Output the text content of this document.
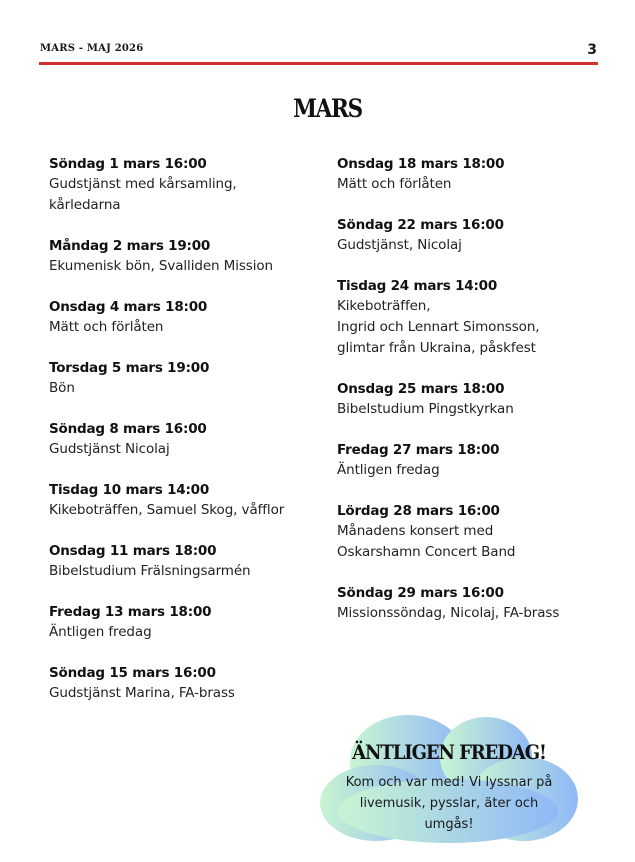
MARS - MAJ 2026	3
MARS
Söndag 1 mars 16:00
Gudstjänst med kårsamling,
kårledarna
Måndag 2 mars 19:00
Ekumenisk bön, Svalliden Mission
Onsdag 4 mars 18:00
Mätt och förlåten
Torsdag 5 mars 19:00
Bön
Söndag 8 mars 16:00
Gudstjänst Nicolaj
Tisdag 10 mars 14:00
Kikeboträffen, Samuel Skog, våfflor
Onsdag 11 mars 18:00
Bibelstudium Frälsningsarmén
Fredag 13 mars 18:00
Äntligen fredag
Söndag 15 mars 16:00
Gudstjänst Marina, FA-brass
Onsdag 18 mars 18:00
Mätt och förlåten
Söndag 22 mars 16:00
Gudstjänst, Nicolaj
Tisdag 24 mars 14:00
Kikeboträffen,
Ingrid och Lennart Simonsson,
glimtar från Ukraina, påskfest
Onsdag 25 mars 18:00
Bibelstudium Pingstkyrkan
Fredag 27 mars 18:00
Äntligen fredag
Lördag 28 mars 16:00
Månadens konsert med
Oskarshamn Concert Band
Söndag 29 mars 16:00
Missionssöndag, Nicolaj, FA-brass
ÄNTLIGEN FREDAG!
Kom och var med! Vi lyssnar på livemusik, pysslar, äter och umgås!
